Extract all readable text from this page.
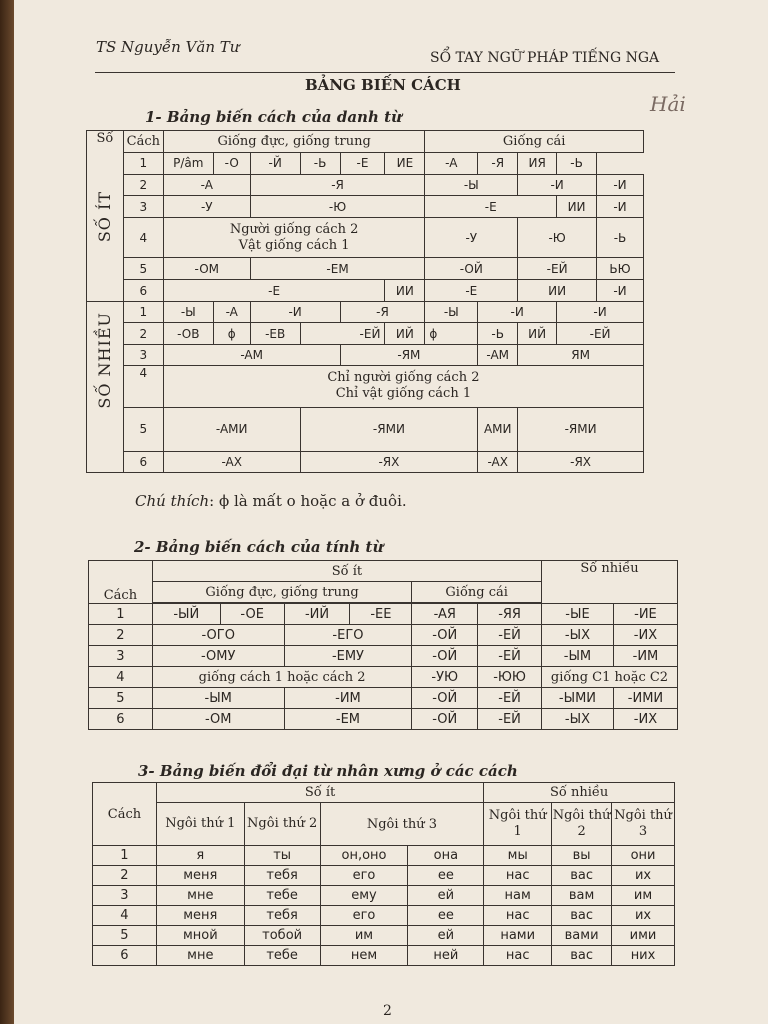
TS Nguyễn Văn Tư
SỔ TAY NGỮ PHÁP TIẾNG NGA
BẢNG BIẾN CÁCH
Hải
1- Bảng biến cách của danh từ
Số
SỐ ÍT	Cách	Giống đực, giống trung						Giống cái				
	1	P/âm	-O	-Й	-Ь	-E	ИE	-A	-Я	ИЯ	-Ь
	2	-A		-Я				-Ы		-И		-И
	3	-У		-Ю				-E			ИИ	-И
	4	Người giống cách 2
Vật giống cách 1						-У		-Ю		-Ь
	5	-OM		-EM				-OЙ		-EЙ		ЬЮ
	6	-E					ИИ	-E		ИИ		-И

SỐ NHIỀU	1	-Ы	-A	-И		-Я		-Ы	-И		-И	
	2	-OB	ϕ	-EB	-EЙ		ИЙ	ϕ	-Ь	ИЙ	-EЙ	
	3	-AM				-ЯM			-AM	ЯM		
	4	Chỉ người giống cách 2
Chỉ vật giống cách 1										
	5	-AMИ			-ЯMИ				AMИ	-ЯMИ		
	6	-AX			-ЯX				-AX	-ЯX		
Chú thích: ϕ là mất o hoặc a ở đuôi.
2- Bảng biến cách của tính từ
Cách	Số ít						Số nhiều	
	Giống đực, giống trung				Giống cái			

1	-ЫЙ	-OE	-ИЙ	-EE	-AЯ	-ЯЯ	-ЫE	-ИE
2	-OГO		-EГO		-OЙ	-EЙ	-ЫX	-ИX
3	-OMУ		-EMУ		-OЙ	-EЙ	-ЫM	-ИM
4	giống cách 1 hoặc cách 2				-УЮ	-ЮЮ	giống C1 hoặc C2	
5	-ЫM		-ИM		-OЙ	-EЙ	-ЫMИ	-ИMИ
6	-OM		-EM		-OЙ	-EЙ	-ЫX	-ИX
3- Bảng biến đổi đại từ nhân xưng ở các cách
Cách	Số ít				Số nhiều		
	Ngôi thứ 1	Ngôi thứ 2	Ngôi thứ 3		Ngôi thứ 1	Ngôi thứ 2	Ngôi thứ 3
1	я	ты	он,оно	она	мы	вы	они
2	меня	тебя	его	ее	нас	вас	их
3	мне	тебе	ему	ей	нам	вам	им
4	меня	тебя	его	ее	нас	вас	их
5	мной	тобой	им	ей	нами	вами	ими
6	мне	тебе	нем	ней	нас	вас	них
2
